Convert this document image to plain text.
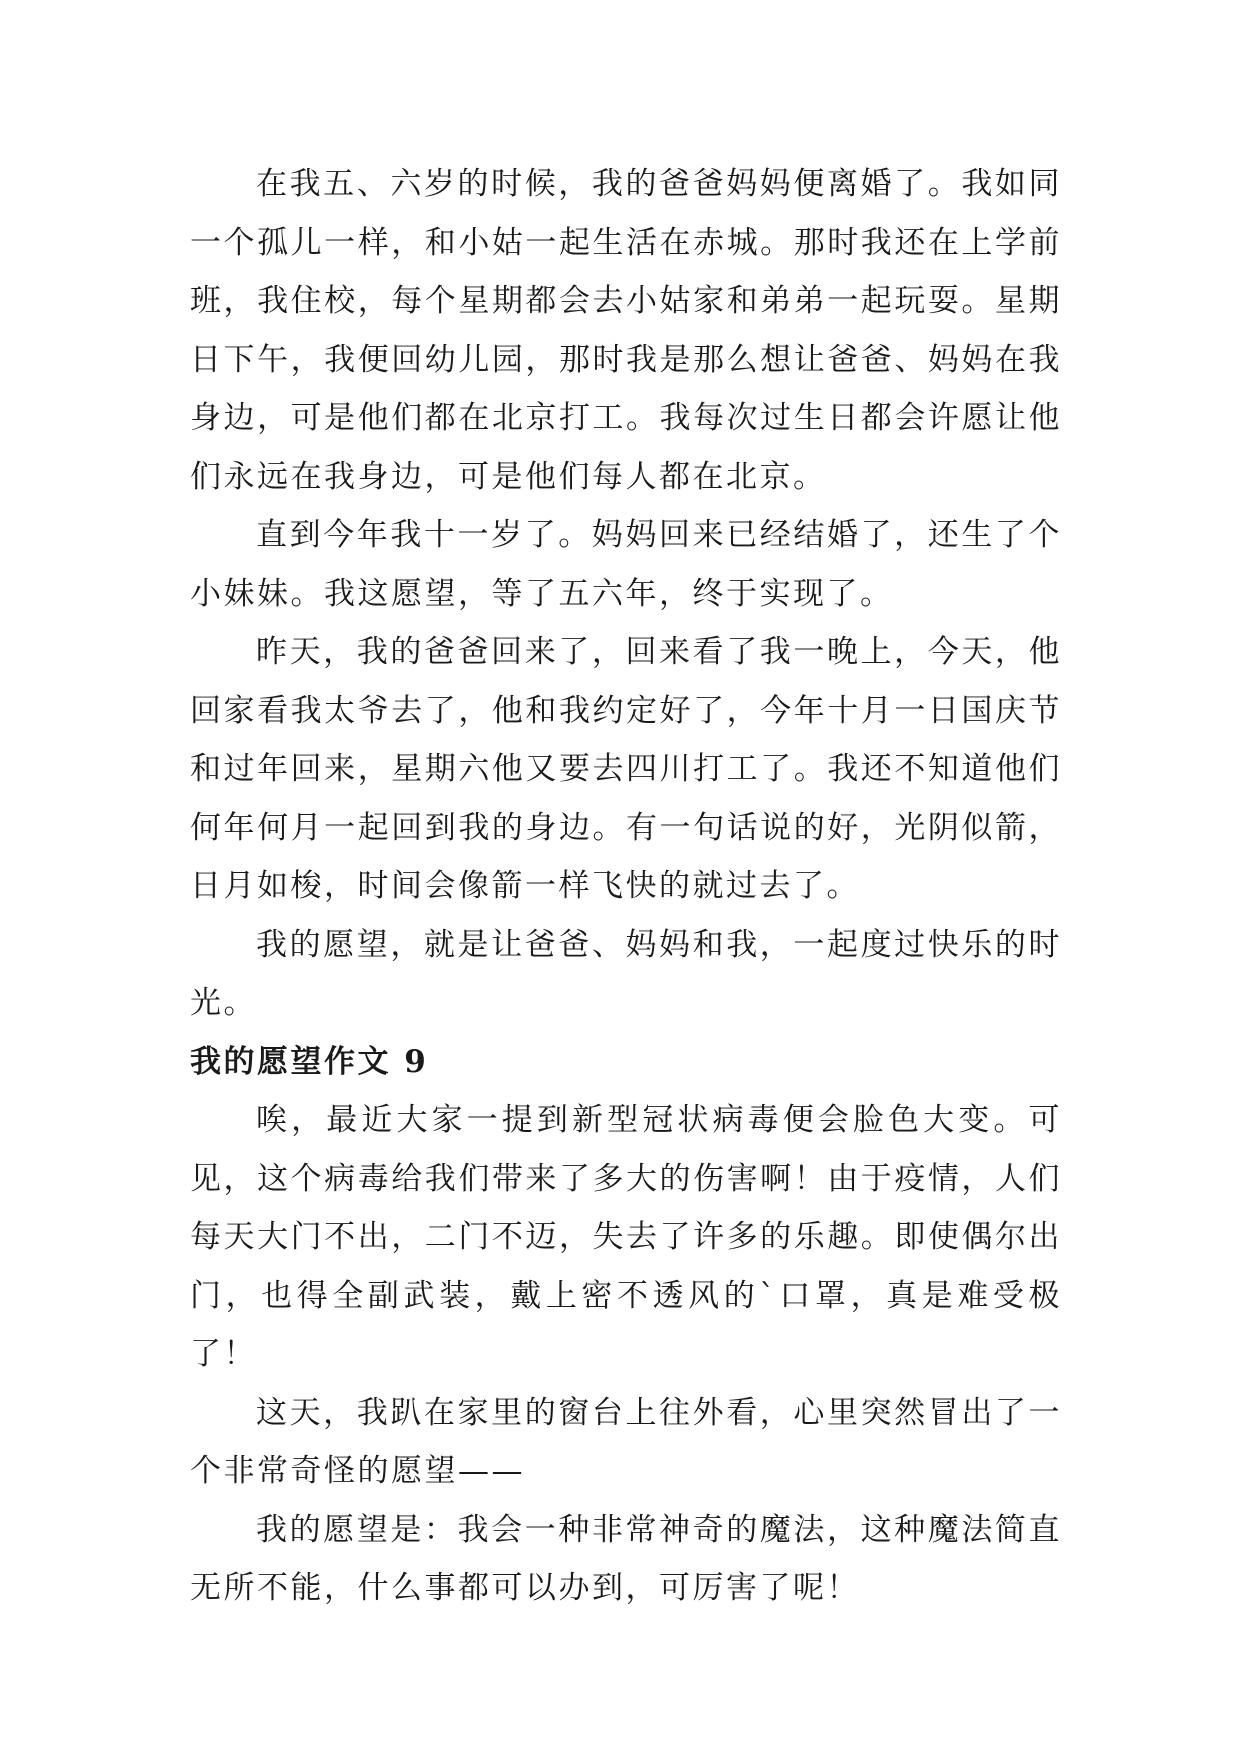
在我五、六岁的时候，我的爸爸妈妈便离婚了。我如同一个孤儿一样，和小姑一起生活在赤城。那时我还在上学前班，我住校，每个星期都会去小姑家和弟弟一起玩耍。星期日下午，我便回幼儿园，那时我是那么想让爸爸、妈妈在我身边，可是他们都在北京打工。我每次过生日都会许愿让他们永远在我身边，可是他们每人都在北京。

直到今年我十一岁了。妈妈回来已经结婚了，还生了个小妹妹。我这愿望，等了五六年，终于实现了。

昨天，我的爸爸回来了，回来看了我一晚上，今天，他回家看我太爷去了，他和我约定好了，今年十月一日国庆节和过年回来，星期六他又要去四川打工了。我还不知道他们何年何月一起回到我的身边。有一句话说的好，光阴似箭，日月如梭，时间会像箭一样飞快的就过去了。

我的愿望，就是让爸爸、妈妈和我，一起度过快乐的时光。

我的愿望作文 9

唉，最近大家一提到新型冠状病毒便会脸色大变。可见，这个病毒给我们带来了多大的伤害啊！由于疫情，人们每天大门不出，二门不迈，失去了许多的乐趣。即使偶尔出门，也得全副武装，戴上密不透风的`口罩，真是难受极了！

这天，我趴在家里的窗台上往外看，心里突然冒出了一个非常奇怪的愿望——

我的愿望是：我会一种非常神奇的魔法，这种魔法简直无所不能，什么事都可以办到，可厉害了呢！
